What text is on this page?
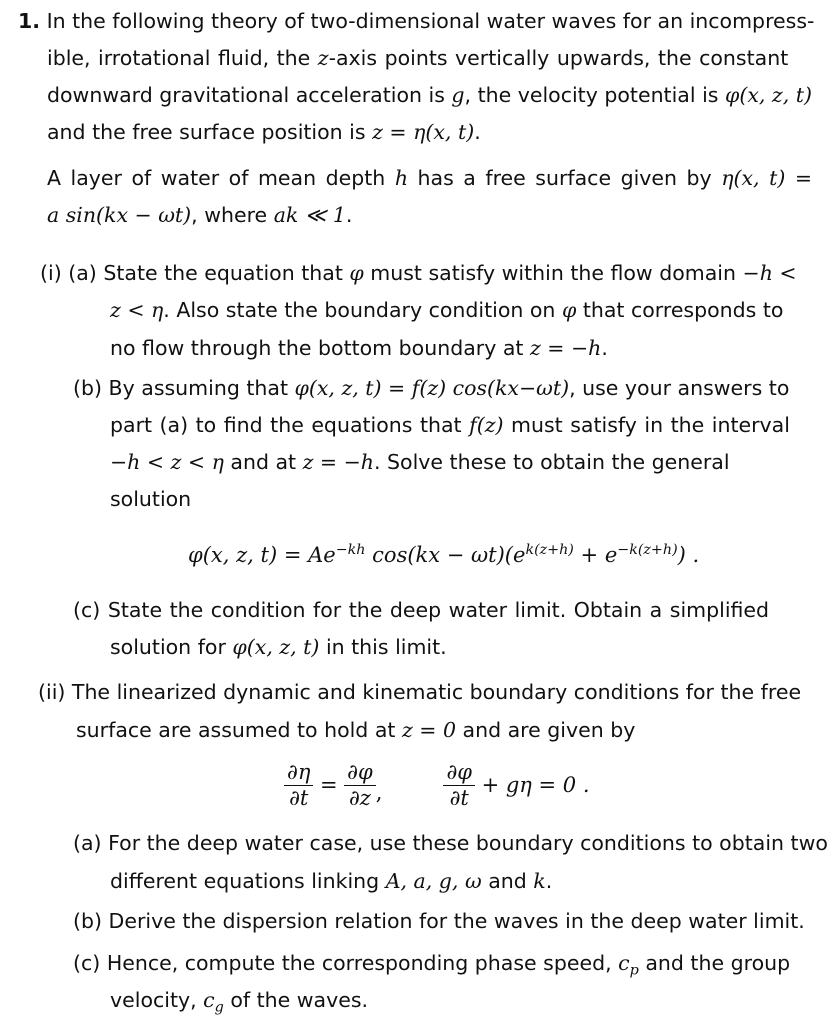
1. In the following theory of two-dimensional water waves for an incompress-
ible, irrotational fluid, the z-axis points vertically upwards, the constant
downward gravitational acceleration is g, the velocity potential is φ(x, z, t)
and the free surface position is z = η(x, t).
A layer of water of mean depth h has a free surface given by η(x, t) =
a sin(kx − ωt), where ak ≪ 1.
(i) (a) State the equation that φ must satisfy within the flow domain −h <
z < η. Also state the boundary condition on φ that corresponds to
no flow through the bottom boundary at z = −h.
(b) By assuming that φ(x, z, t) = f(z) cos(kx−ωt), use your answers to
part (a) to find the equations that f(z) must satisfy in the interval
−h < z < η and at z = −h. Solve these to obtain the general
solution
φ(x, z, $t) = Ae^{-kh}$ $\cos(kx - \omega t)(e^{k(z+h)} + e^{-k(z+h)})$ .
(c) State the condition for the deep water limit. Obtain a simplified
solution for φ(x, z, t) in this limit.
(ii) The linearized dynamic and kinematic boundary conditions for the free
surface are assumed to hold at z = 0 and are given by
$\frac{\partial\eta}{\partial t} = \frac{\partial\varphi}{\partial z}$ ,	$\frac{\partial\varphi}{\partial t} + g\eta = 0$ .
(a) For the deep water case, use these boundary conditions to obtain two
different equations linking A, a, g, ω and k.
(b) Derive the dispersion relation for the waves in the deep water limit.
(c) Hence, compute the corresponding phase speed, $c_p$ and the group
velocity, $c_g$ of the waves.
